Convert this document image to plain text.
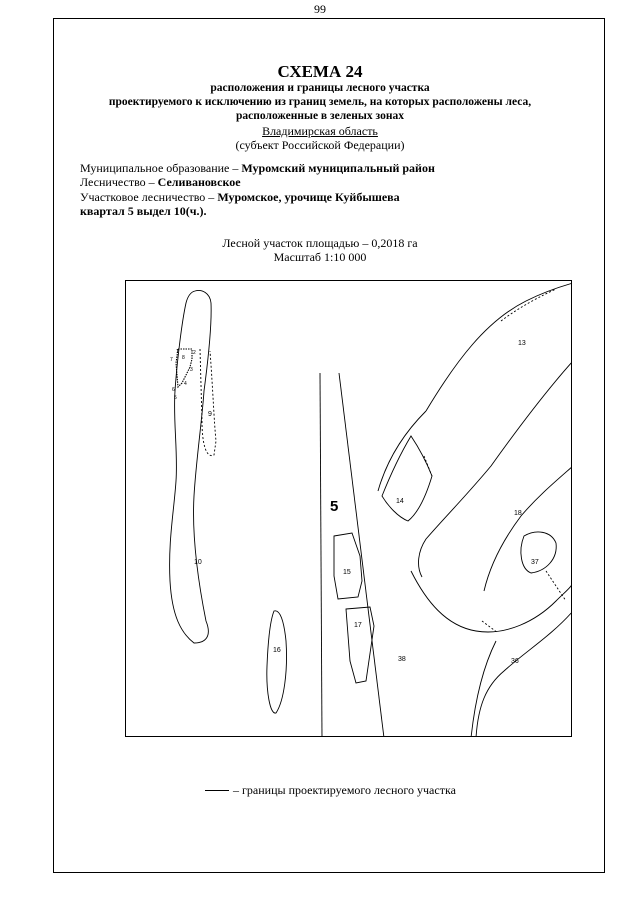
99
СХЕМА 24
расположения и границы лесного участка
проектируемого к исключению из границ земель, на которых расположены леса,
расположенные в зеленых зонах
Владимирская область
(субъект Российской Федерации)
Муниципальное образование – Муромский муниципальный район
Лесничество – Селивановское
Участковое лесничество – Муромское, урочище Куйбышева
квартал 5 выдел 10(ч.).
Лесной участок площадью – 0,2018 га
Масштаб 1:10 000
9
10
13
14
15
16
17
18
36
37
38
1	2
3
4
5
6
7 8
5
– границы проектируемого лесного участка
